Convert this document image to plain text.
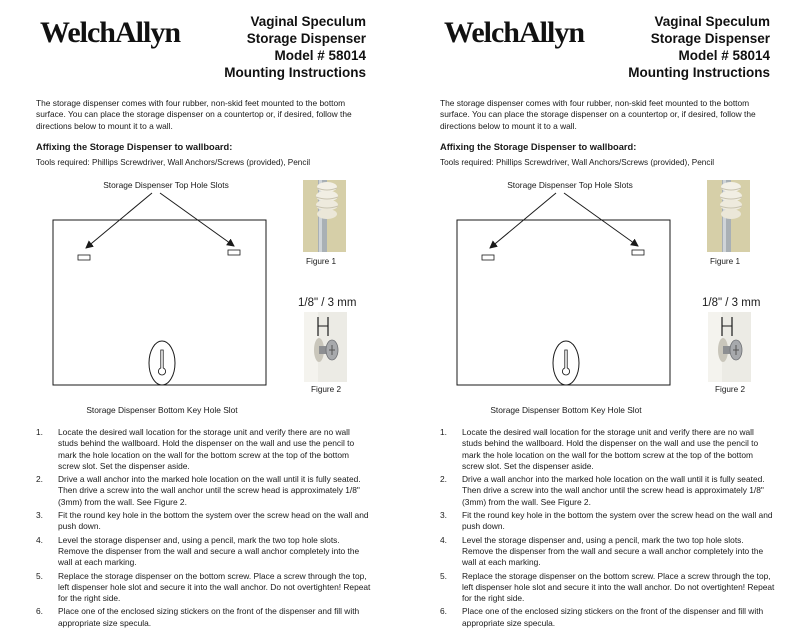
WelchAllyn	Vaginal Speculum
Storage Dispenser
Model # 58014
Mounting Instructions

The storage dispenser comes with four rubber, non-skid feet mounted to the bottom surface. You can place the storage dispenser on a countertop or, if desired, follow the directions below to mount it to a wall.

Affixing the Storage Dispenser to wallboard:
Tools required: Phillips Screwdriver, Wall Anchors/Screws (provided), Pencil
Storage Dispenser Top Hole Slots
Storage Dispenser Bottom Key Hole Slot
Figure 1
1/8" / 3 mm
Figure 2
1. Locate the desired wall location for the storage unit and verify there are no wall studs behind the wallboard. Hold the dispenser on the wall and use the pencil to mark the hole location on the wall for the bottom screw at the top of the bottom screw slot. Set the dispenser aside.
2. Drive a wall anchor into the marked hole location on the wall until it is fully seated. Then drive a screw into the wall anchor until the screw head is approximately 1/8" (3mm) from the wall. See Figure 2.
3. Fit the round key hole in the bottom the system over the screw head on the wall and push down.
4. Level the storage dispenser and, using a pencil, mark the two top hole slots. Remove the dispenser from the wall and secure a wall anchor completely into the wall at each marking.
5. Replace the storage dispenser on the bottom screw. Place a screw through the top, left dispenser hole slot and secure it into the wall anchor. Do not overtighten! Repeat for the right side.
6. Place one of the enclosed sizing stickers on the front of the dispenser and fill with appropriate size specula.
WelchAllyn	Vaginal Speculum
Storage Dispenser
Model # 58014
Mounting Instructions

The storage dispenser comes with four rubber, non-skid feet mounted to the bottom surface. You can place the storage dispenser on a countertop or, if desired, follow the directions below to mount it to a wall.

Affixing the Storage Dispenser to wallboard:
Tools required: Phillips Screwdriver, Wall Anchors/Screws (provided), Pencil
Storage Dispenser Top Hole Slots
Storage Dispenser Bottom Key Hole Slot
Figure 1
1/8" / 3 mm
Figure 2
1. Locate the desired wall location for the storage unit and verify there are no wall studs behind the wallboard. Hold the dispenser on the wall and use the pencil to mark the hole location on the wall for the bottom screw at the top of the bottom screw slot. Set the dispenser aside.
2. Drive a wall anchor into the marked hole location on the wall until it is fully seated. Then drive a screw into the wall anchor until the screw head is approximately 1/8" (3mm) from the wall. See Figure 2.
3. Fit the round key hole in the bottom the system over the screw head on the wall and push down.
4. Level the storage dispenser and, using a pencil, mark the two top hole slots. Remove the dispenser from the wall and secure a wall anchor completely into the wall at each marking.
5. Replace the storage dispenser on the bottom screw. Place a screw through the top, left dispenser hole slot and secure it into the wall anchor. Do not overtighten! Repeat for the right side.
6. Place one of the enclosed sizing stickers on the front of the dispenser and fill with appropriate size specula.
